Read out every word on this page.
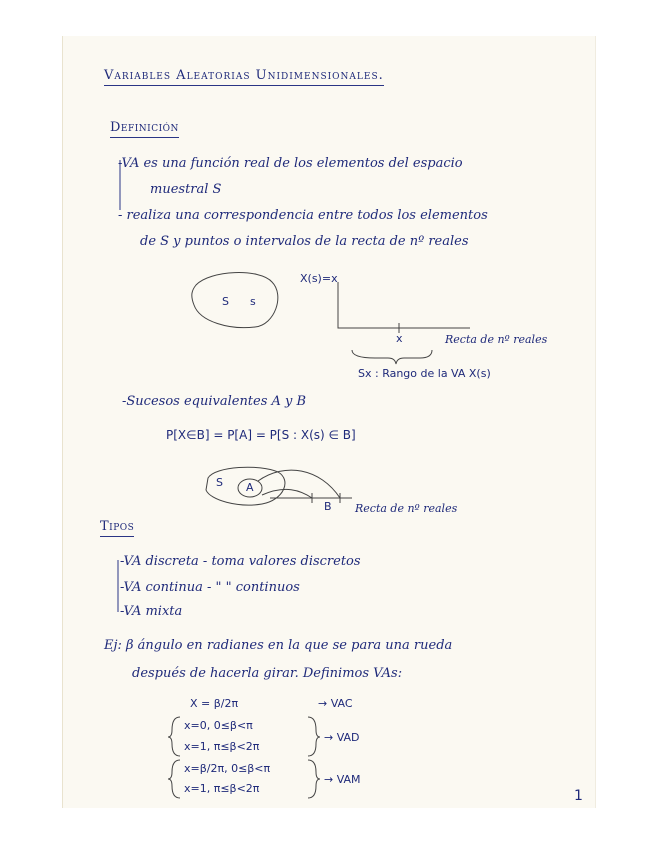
Variables Aleatorias Unidimensionales.
Definición
-VA es una función real de los elementos del espacio
muestral S
- realiza una correspondencia entre todos los elementos
de S y puntos o intervalos de la recta de nº reales
S s
X(s)=x
x	Recta de nº reales
Sx : Rango de la VA X(s)
-Sucesos equivalentes A y B
P[X∈B] = P[A] = P[S : X(s) ∈ B]
S A
B Recta de nº reales
Tipos
-VA discreta - toma valores discretos
-VA continua - " " continuos
-VA mixta
Ej: β ángulo en radianes en la que se para una rueda
después de hacerla girar. Definimos VAs:
X = β/2π	→ VAC
x=0, 0≤β<π
x=1, π≤β<2π
→ VAD
x=β/2π, 0≤β<π
x=1, π≤β<2π
→ VAM
1
